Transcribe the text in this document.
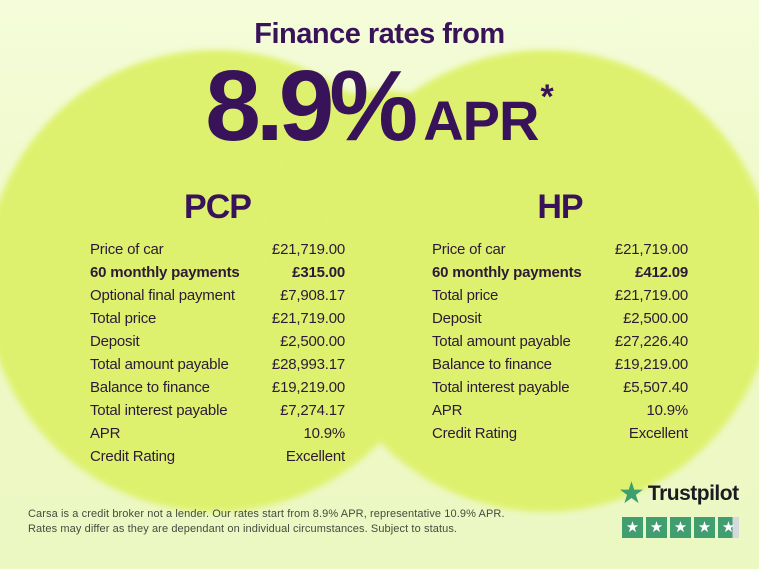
Finance rates from
8.9% APR *
PCP
Price of car	£21,719.00
60 monthly payments	£315.00
Optional final payment	£7,908.17
Total price	£21,719.00
Deposit	£2,500.00
Total amount payable	£28,993.17
Balance to finance	£19,219.00
Total interest payable	£7,274.17
APR	10.9%
Credit Rating	Excellent
HP
Price of car	£21,719.00
60 monthly payments	£412.09
Total price	£21,719.00
Deposit	£2,500.00
Total amount payable	£27,226.40
Balance to finance	£19,219.00
Total interest payable	£5,507.40
APR	10.9%
Credit Rating	Excellent

Carsa is a credit broker not a lender. Our rates start from 8.9% APR, representative 10.9% APR.
Rates may differ as they are dependant on individual circumstances. Subject to status.

★ Trustpilot
★ ★ ★ ★ ★
